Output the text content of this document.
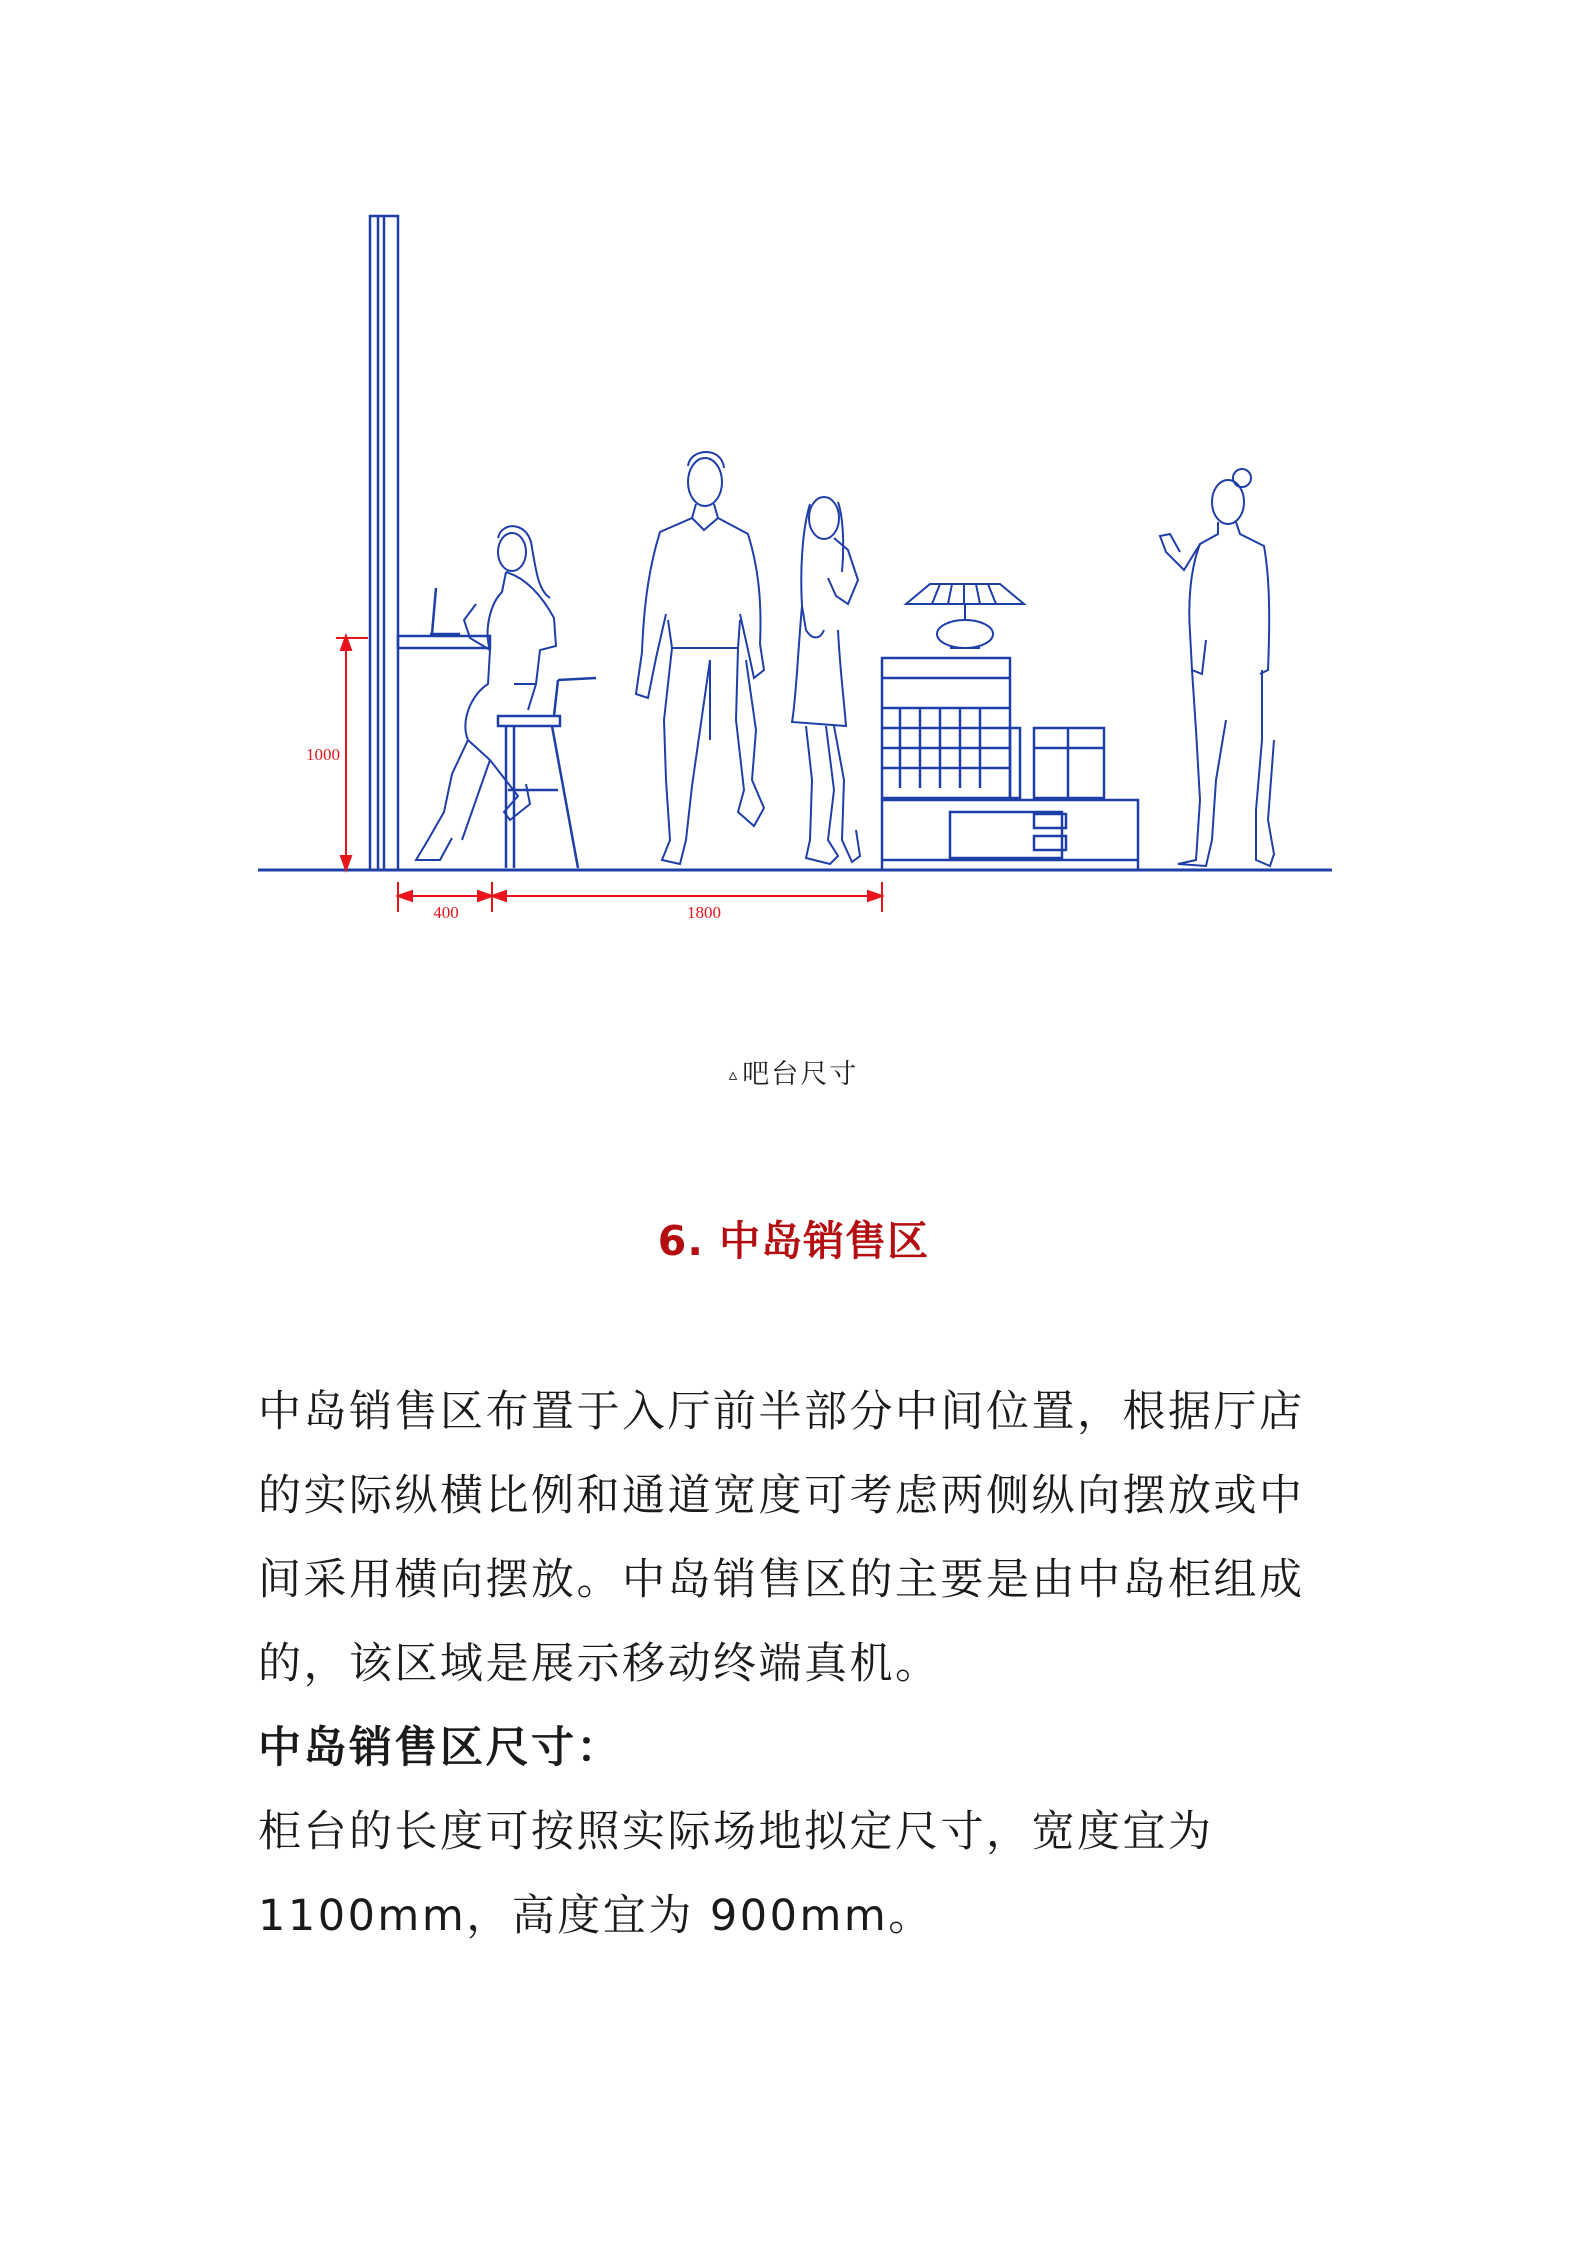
1000
400	1800
▵ 吧台尺寸
6. 中岛销售区

中岛销售区布置于入厅前半部分中间位置，根据厅店的实际纵横比例和通道宽度可考虑两侧纵向摆放或中间采用横向摆放。中岛销售区的主要是由中岛柜组成的，该区域是展示移动终端真机。

中岛销售区尺寸：

柜台的长度可按照实际场地拟定尺寸，宽度宜为 1100mm，高度宜为 900mm。
